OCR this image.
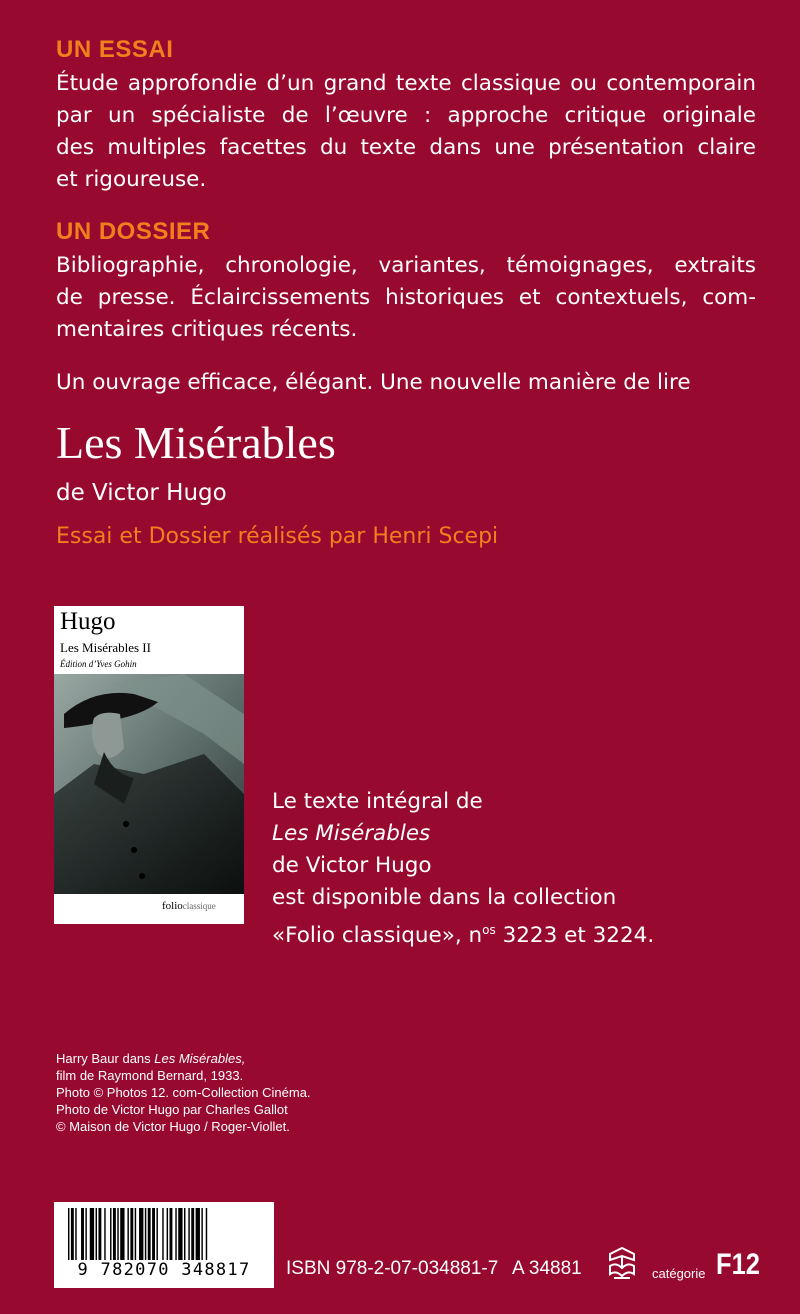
UN ESSAI
Étude approfondie d’un grand texte classique ou contemporain
par un spécialiste de l’œuvre : approche critique originale
des multiples facettes du texte dans une présentation claire
et rigoureuse.
UN DOSSIER
Bibliographie, chronologie, variantes, témoignages, extraits
de presse. Éclaircissements historiques et contextuels, com-
mentaires critiques récents.
Un ouvrage efficace, élégant. Une nouvelle manière de lire
Les Misérables
de Victor Hugo
Essai et Dossier réalisés par Henri Scepi
Hugo
Les Misérables II
Édition d’Yves Gohin
folioclassique
Le texte intégral de
Les Misérables
de Victor Hugo
est disponible dans la collection
«Folio classique», $n^{os}$ 3223 et 3224.
Harry Baur dans Les Misérables,
film de Raymond Bernard, 1933.
Photo © Photos 12. com-Collection Cinéma.
Photo de Victor Hugo par Charles Gallot
© Maison de Victor Hugo / Roger-Viollet.
9 782070 348817	ISBN 978-2-07-034881-7 A 34881	catégorie F12
